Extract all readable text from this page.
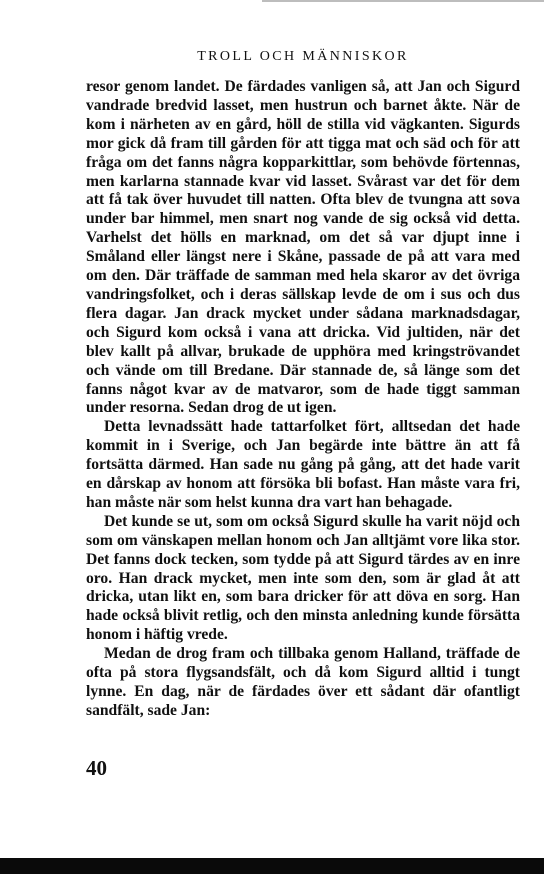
TROLL OCH MÄNNISKOR

resor genom landet. De färdades vanligen så, att Jan och Sigurd vandrade bredvid lasset, men hustrun och barnet åkte. När de kom i närheten av en gård, höll de stilla vid vägkanten. Sigurds mor gick då fram till gården för att tigga mat och säd och för att fråga om det fanns några kopparkittlar, som behövde förtennas, men karlarna stannade kvar vid lasset. Svårast var det för dem att få tak över huvudet till natten. Ofta blev de tvungna att sova under bar himmel, men snart nog vande de sig också vid detta. Varhelst det hölls en marknad, om det så var djupt inne i Småland eller längst nere i Skåne, passade de på att vara med om den. Där träffade de samman med hela skaror av det övriga vandringsfolket, och i deras sällskap levde de om i sus och dus flera dagar. Jan drack mycket under sådana marknadsdagar, och Sigurd kom också i vana att dricka. Vid jultiden, när det blev kallt på allvar, brukade de upphöra med kringströvandet och vände om till Bredane. Där stannade de, så länge som det fanns något kvar av de matvaror, som de hade tiggt samman under resorna. Sedan drog de ut igen.

Detta levnadssätt hade tattarfolket fört, alltsedan det hade kommit in i Sverige, och Jan begärde inte bättre än att få fortsätta därmed. Han sade nu gång på gång, att det hade varit en dårskap av honom att försöka bli bofast. Han måste vara fri, han måste när som helst kunna dra vart han behagade.

Det kunde se ut, som om också Sigurd skulle ha varit nöjd och som om vänskapen mellan honom och Jan alltjämt vore lika stor. Det fanns dock tecken, som tydde på att Sigurd tärdes av en inre oro. Han drack mycket, men inte som den, som är glad åt att dricka, utan likt en, som bara dricker för att döva en sorg. Han hade också blivit retlig, och den minsta anledning kunde försätta honom i häftig vrede.

Medan de drog fram och tillbaka genom Halland, träffade de ofta på stora flygsandsfält, och då kom Sigurd alltid i tungt lynne. En dag, när de färdades över ett sådant där ofantligt sandfält, sade Jan:

40
